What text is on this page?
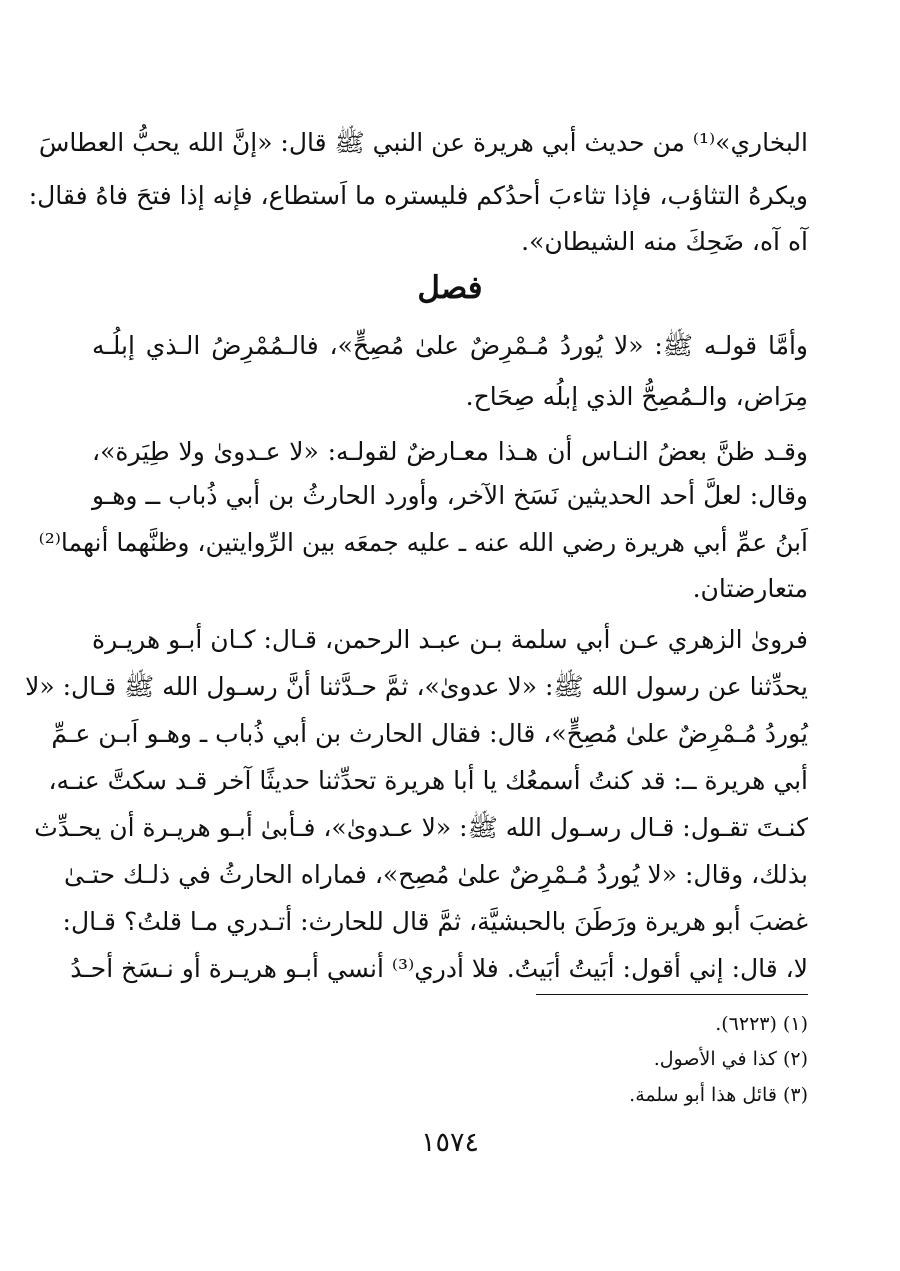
البخاري»⁽¹⁾ من حديث أبي هريرة عن النبي ﷺ قال: «إنَّ الله يحبُّ العطاسَ
ويكرهُ التثاؤب، فإذا تثاءبَ أحدُكم فليستره ما اَستطاع، فإنه إذا فتحَ فاهُ فقال:
آه آه، ضَحِكَ منه الشيطان».
فصل
وأمَّا قولـه ﷺ: «لا يُوردُ مُـمْرِضٌ علىٰ مُصِحٍّ»، فالـمُمْرِضُ الـذي إبلُـه
مِرَاض، والـمُصِحُّ الذي إبلُه صِحَاح.
وقـد ظنَّ بعضُ النـاس أن هـذا معـارضٌ لقولـه: «لا عـدوىٰ ولا طِيَرة»،
وقال: لعلَّ أحد الحديثين نَسَخ الآخر، وأورد الحارثُ بن أبي ذُباب ــ وهـو
اَبنُ عمِّ أبي هريرة رضي الله عنه ـ عليه جمعَه بين الرِّوايتين، وظنَّهما أنهما⁽²⁾
متعارضتان.
فروىٰ الزهري عـن أبي سلمة بـن عبـد الرحمن، قـال: كـان أبـو هريـرة
يحدِّثنا عن رسول الله ﷺ: «لا عدوىٰ»، ثمَّ حـدَّثنا أنَّ رسـول الله ﷺ قـال: «لا
يُوردُ مُـمْرِضٌ علىٰ مُصِحٍّ»، قال: فقال الحارث بن أبي ذُباب ـ وهـو اَبـن عـمِّ
أبي هريرة ــ: قد كنتُ أسمعُك يا أبا هريرة تحدِّثنا حديثًا آخر قـد سكتَّ عنـه،
كنـتَ تقـول: قـال رسـول الله ﷺ: «لا عـدوىٰ»، فـأبىٰ أبـو هريـرة أن يحـدِّث
بذلك، وقال: «لا يُوردُ مُـمْرِضٌ علىٰ مُصِح»، فماراه الحارثُ في ذلـك حتـىٰ
غضبَ أبو هريرة ورَطَنَ بالحبشيَّة، ثمَّ قال للحارث: أتـدري مـا قلتُ؟ قـال:
لا، قال: إني أقول: أبَيتُ أبَيتُ. فلا أدري⁽³⁾ أنسي أبـو هريـرة أو نـسَخ أحـدُ
(١) (٦٢٢٣).
(٢) كذا في الأصول.
(٣) قائل هذا أبو سلمة.
١٥٧٤
